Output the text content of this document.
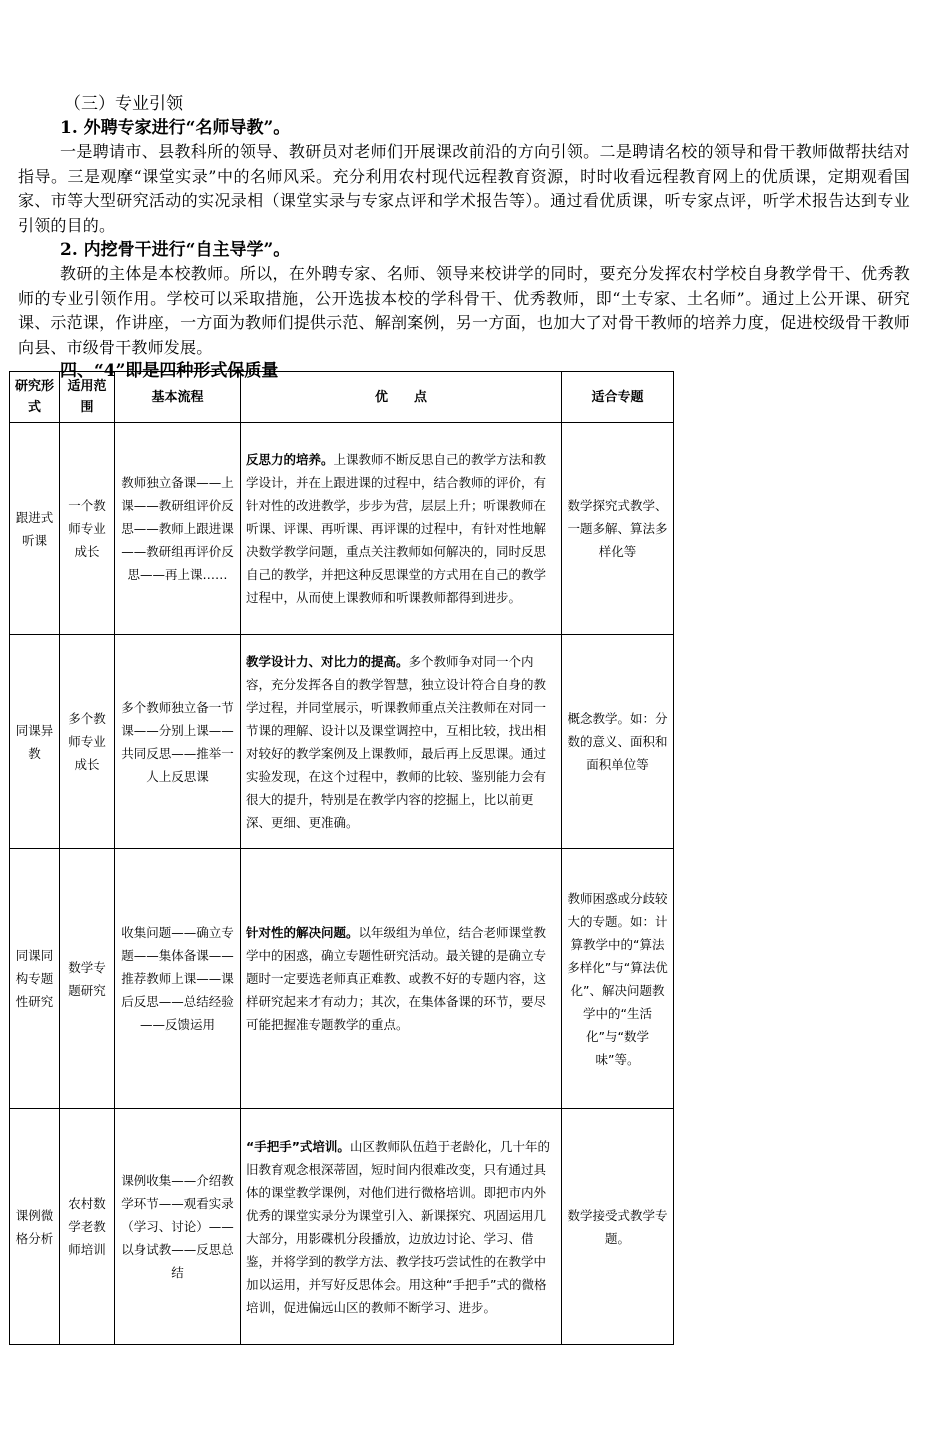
（三）专业引领

1. 外聘专家进行“名师导教”。

一是聘请市、县教科所的领导、教研员对老师们开展课改前沿的方向引领。二是聘请名校的领导和骨干教师做帮扶结对指导。三是观摩“课堂实录”中的名师风采。充分利用农村现代远程教育资源，时时收看远程教育网上的优质课，定期观看国家、市等大型研究活动的实况录相（课堂实录与专家点评和学术报告等）。通过看优质课，听专家点评，听学术报告达到专业引领的目的。

2. 内挖骨干进行“自主导学”。

教研的主体是本校教师。所以，在外聘专家、名师、领导来校讲学的同时，要充分发挥农村学校自身教学骨干、优秀教师的专业引领作用。学校可以采取措施，公开选拔本校的学科骨干、优秀教师，即“土专家、土名师”。通过上公开课、研究课、示范课，作讲座，一方面为教师们提供示范、解剖案例，另一方面，也加大了对骨干教师的培养力度，促进校级骨干教师向县、市级骨干教师发展。

四、“4”即是四种形式保质量

研究形式	适用范围	基本流程	优　　点	适合专题
跟进式听课	一个教师专业成长	教师独立备课——上课——教研组评价反思——教师上跟进课——教研组再评价反思——再上课……	反思力的培养。上课教师不断反思自己的教学方法和教学设计，并在上跟进课的过程中，结合教师的评价，有针对性的改进教学，步步为营，层层上升；听课教师在听课、评课、再听课、再评课的过程中，有针对性地解决数学教学问题，重点关注教师如何解决的，同时反思自己的教学，并把这种反思课堂的方式用在自己的教学过程中，从而使上课教师和听课教师都得到进步。	数学探究式教学、一题多解、算法多样化等
同课异教	多个教师专业成长	多个教师独立备一节课——分别上课——共同反思——推举一人上反思课	教学设计力、对比力的提高。多个教师争对同一个内容，充分发挥各自的教学智慧，独立设计符合自身的教学过程，并同堂展示，听课教师重点关注教师在对同一节课的理解、设计以及课堂调控中，互相比较，找出相对较好的教学案例及上课教师，最后再上反思课。通过实验发现，在这个过程中，教师的比较、鉴别能力会有很大的提升，特别是在教学内容的挖掘上，比以前更深、更细、更准确。	概念教学。如：分数的意义、面积和面积单位等
同课同构专题性研究	数学专题研究	收集问题——确立专题——集体备课——推荐教师上课——课后反思——总结经验——反馈运用	针对性的解决问题。以年级组为单位，结合老师课堂教学中的困惑，确立专题性研究活动。最关键的是确立专题时一定要选老师真正难教、或教不好的专题内容，这样研究起来才有动力；其次，在集体备课的环节，要尽可能把握准专题教学的重点。	教师困惑或分歧较大的专题。如：计算教学中的“算法多样化”与“算法优化”、解决问题教学中的“生活化”与“数学味”等。
课例微格分析	农村数学老教师培训	课例收集——介绍教学环节——观看实录（学习、讨论）——以身试教——反思总结	“手把手”式培训。山区教师队伍趋于老龄化，几十年的旧教育观念根深蒂固，短时间内很难改变，只有通过具体的课堂教学课例，对他们进行微格培训。即把市内外优秀的课堂实录分为课堂引入、新课探究、巩固运用几大部分，用影碟机分段播放，边放边讨论、学习、借鉴，并将学到的教学方法、教学技巧尝试性的在教学中加以运用，并写好反思体会。用这种“手把手”式的微格培训，促进偏远山区的教师不断学习、进步。	数学接受式教学专题。
